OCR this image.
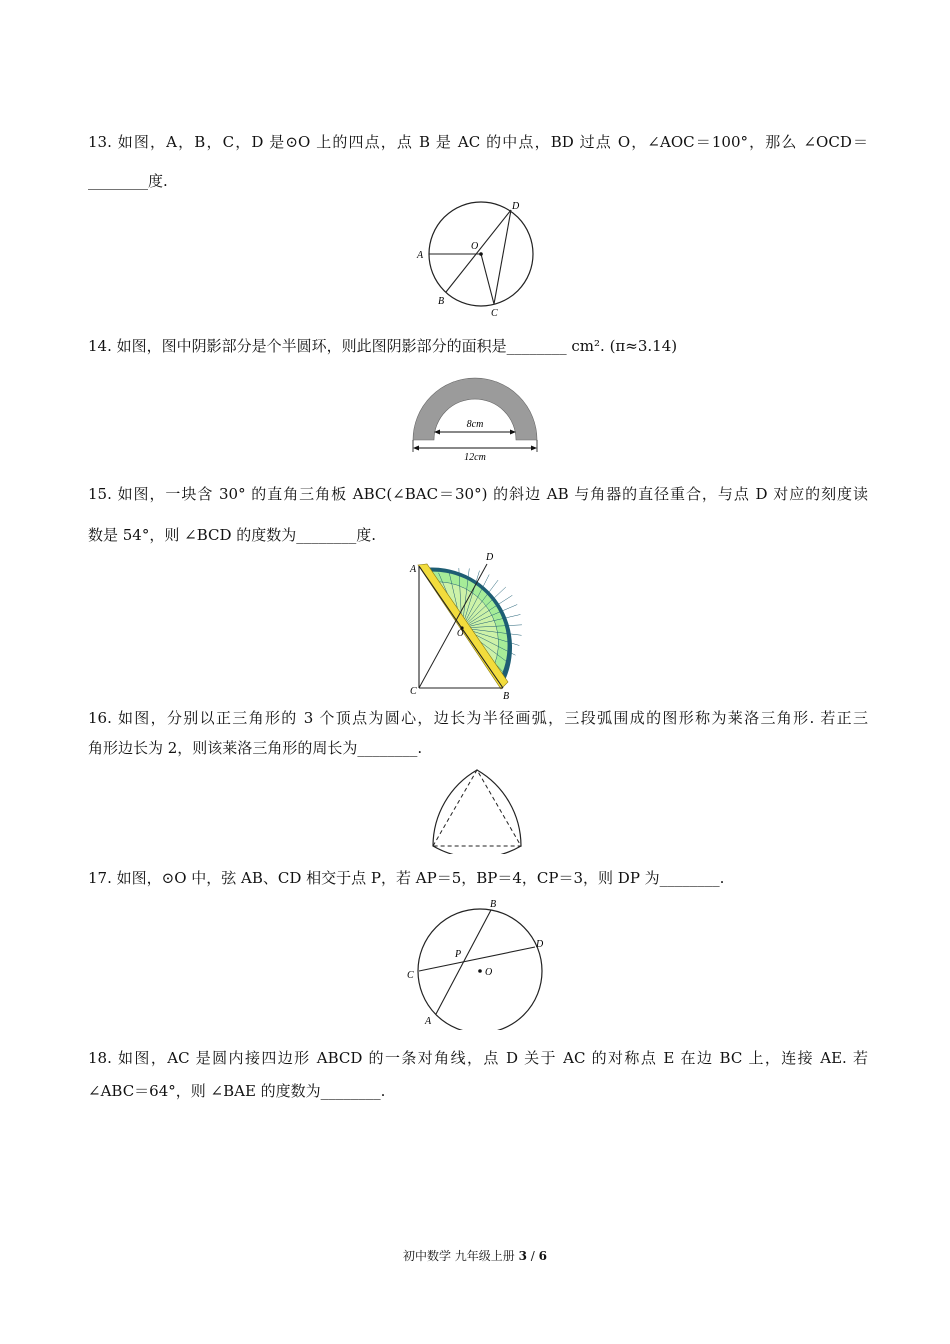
13. 如图，A，B，C，D 是⊙O 上的四点，点 B 是 AC 的中点，BD 过点 O，∠AOC＝100°，那么 ∠OCD＝
________度.
A
B
C
D
O
14. 如图，图中阴影部分是个半圆环，则此图阴影部分的面积是________ cm². (π≈3.14)
8cm
12cm
15. 如图，一块含 30° 的直角三角板 ABC(∠BAC＝30°) 的斜边 AB 与角器的直径重合，与点 D 对应的刻度读
数是 54°，则 ∠BCD 的度数为________度.
A
B
C
D
O
16. 如图，分别以正三角形的 3 个顶点为圆心，边长为半径画弧，三段弧围成的图形称为莱洛三角形. 若正三
角形边长为 2，则该莱洛三角形的周长为________.
17. 如图，⊙O 中，弦 AB、CD 相交于点 P，若 AP＝5，BP＝4，CP＝3，则 DP 为________.
A
B
C
D
P
O
18. 如图，AC 是圆内接四边形 ABCD 的一条对角线，点 D 关于 AC 的对称点 E 在边 BC 上，连接 AE. 若
∠ABC＝64°，则 ∠BAE 的度数为________.
初中数学 九年级上册 3 / 6
